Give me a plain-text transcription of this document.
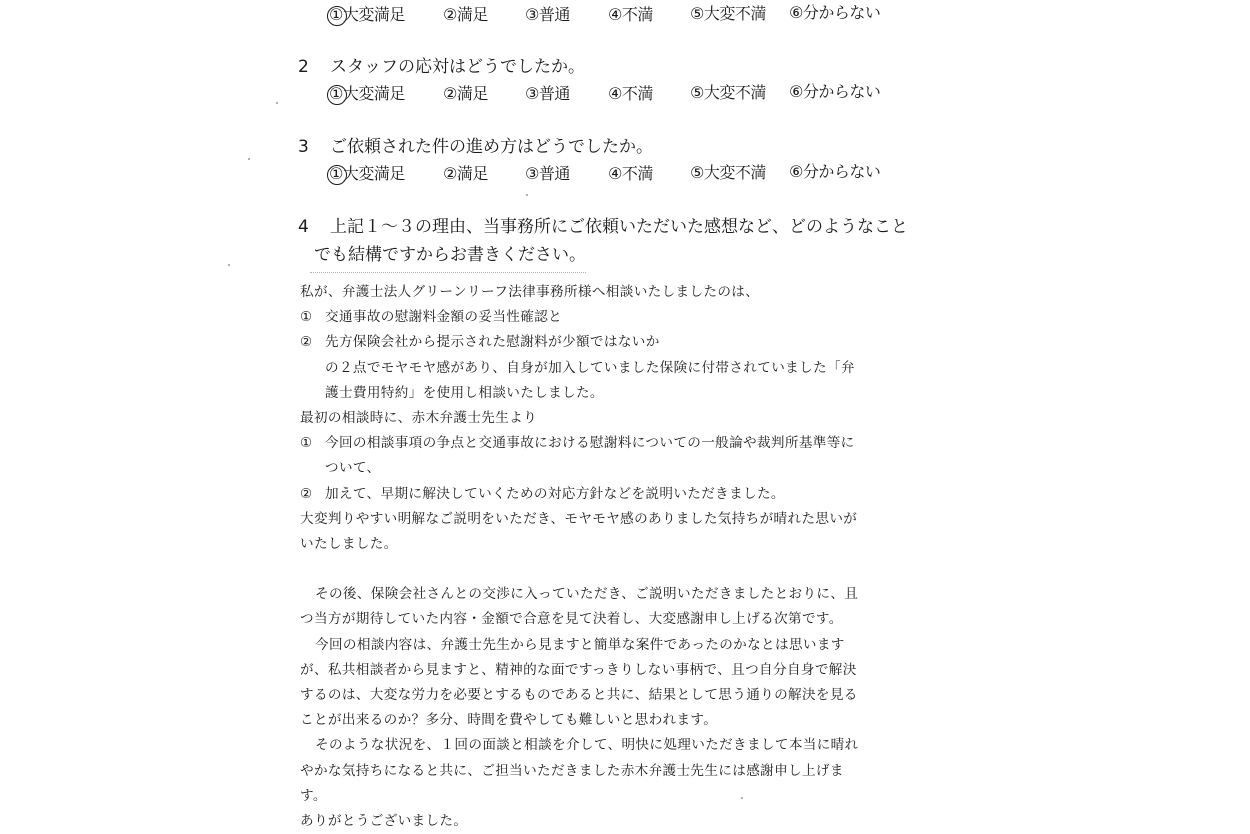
①大変満足 ②満足 ③普通 ④不満 ⑤大変不満 ⑥分からない
2 スタッフの応対はどうでしたか。
①大変満足 ②満足 ③普通 ④不満 ⑤大変不満 ⑥分からない
3 ご依頼された件の進め方はどうでしたか。
①大変満足 ②満足 ③普通 ④不満 ⑤大変不満 ⑥分からない
4 上記１～３の理由、当事務所にご依頼いただいた感想など、どのようなこと
でも結構ですからお書きください。
私が、弁護士法人グリーンリーフ法律事務所様へ相談いたしましたのは、
① 交通事故の慰謝料金額の妥当性確認と
② 先方保険会社から提示された慰謝料が少額ではないか
の２点でモヤモヤ感があり、自身が加入していました保険に付帯されていました「弁
護士費用特約」を使用し相談いたしました。
最初の相談時に、赤木弁護士先生より
① 今回の相談事項の争点と交通事故における慰謝料についての一般論や裁判所基準等に
ついて、
② 加えて、早期に解決していくための対応方針などを説明いただきました。
大変判りやすい明解なご説明をいただき、モヤモヤ感のありました気持ちが晴れた思いが
いたしました。
その後、保険会社さんとの交渉に入っていただき、ご説明いただきましたとおりに、且
つ当方が期待していた内容・金額で合意を見て決着し、大変感謝申し上げる次第です。
今回の相談内容は、弁護士先生から見ますと簡単な案件であったのかなとは思います
が、私共相談者から見ますと、精神的な面ですっきりしない事柄で、且つ自分自身で解決
するのは、大変な労力を必要とするものであると共に、結果として思う通りの解決を見る
ことが出来るのか？多分、時間を費やしても難しいと思われます。
そのような状況を、１回の面談と相談を介して、明快に処理いただきまして本当に晴れ
やかな気持ちになると共に、ご担当いただきました赤木弁護士先生には感謝申し上げま
す。
ありがとうございました。
